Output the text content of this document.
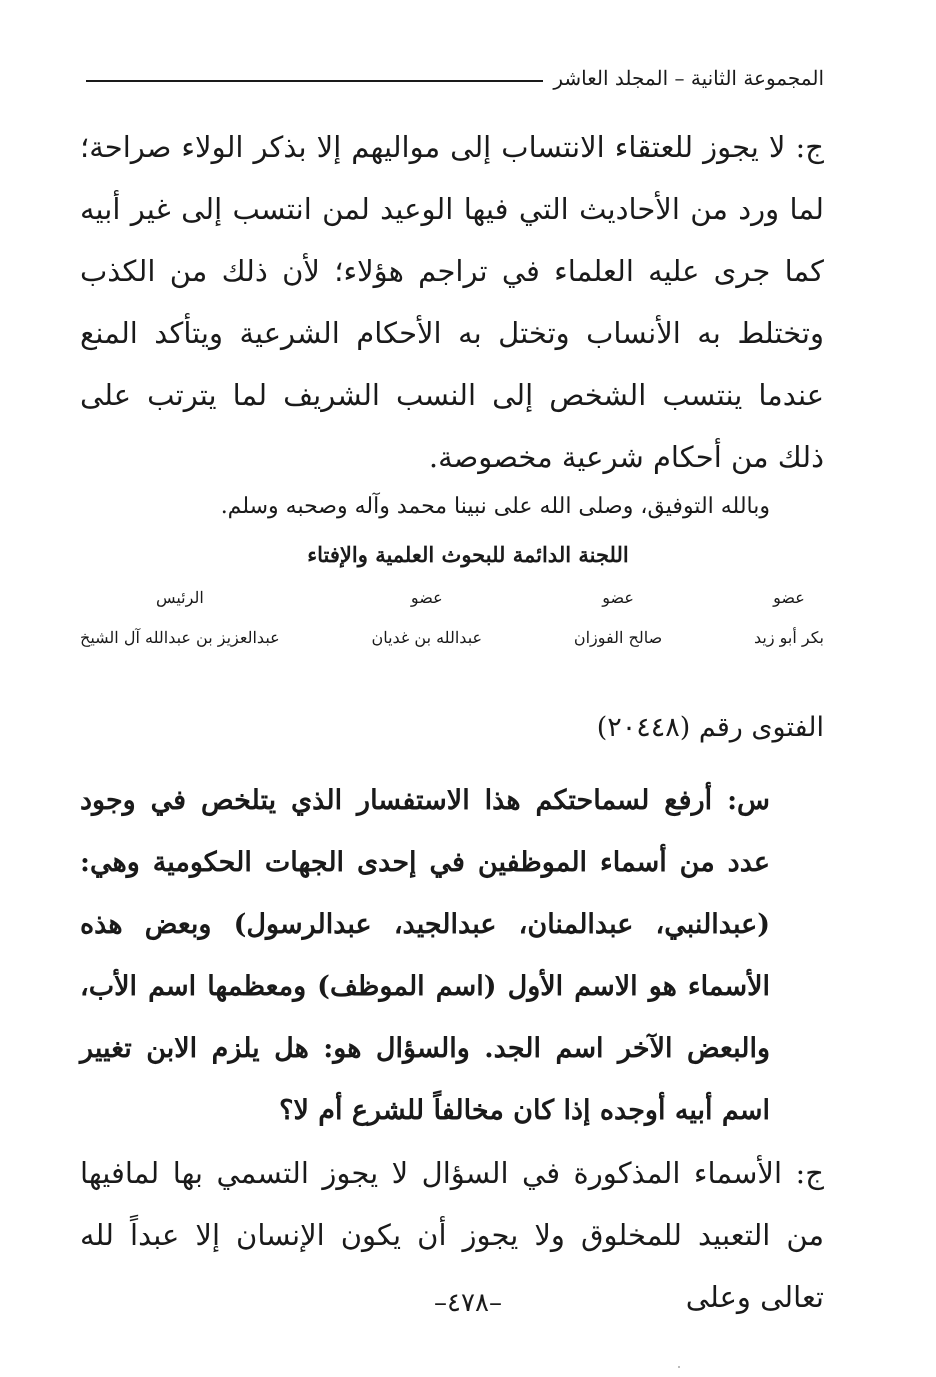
المجموعة الثانية – المجلد العاشر

ج: لا يجوز للعتقاء الانتساب إلى مواليهم إلا بذكر الولاء صراحة؛ لما ورد من الأحاديث التي فيها الوعيد لمن انتسب إلى غير أبيه كما جرى عليه العلماء في تراجم هؤلاء؛ لأن ذلك من الكذب وتختلط به الأنساب وتختل به الأحكام الشرعية ويتأكد المنع عندما ينتسب الشخص إلى النسب الشريف لما يترتب على ذلك من أحكام شرعية مخصوصة.

وبالله التوفيق، وصلى الله على نبينا محمد وآله وصحبه وسلم.

اللجنة الدائمة للبحوث العلمية والإفتاء

عضو
بكر أبو زيد
عضو
صالح الفوزان
عضو
عبدالله بن غديان
الرئيس
عبدالعزيز بن عبدالله آل الشيخ

الفتوى رقم (٢٠٤٤٨)

س: أرفع لسماحتكم هذا الاستفسار الذي يتلخص في وجود عدد من أسماء الموظفين في إحدى الجهات الحكومية وهي: (عبدالنبي، عبدالمنان، عبدالجيد، عبدالرسول) وبعض هذه الأسماء هو الاسم الأول (اسم الموظف) ومعظمها اسم الأب، والبعض الآخر اسم الجد. والسؤال هو: هل يلزم الابن تغيير اسم أبيه أوجده إذا كان مخالفاً للشرع أم لا؟

ج: الأسماء المذكورة في السؤال لا يجوز التسمي بها لمافيها من التعبيد للمخلوق ولا يجوز أن يكون الإنسان إلا عبداً لله تعالى وعلى

–٤٧٨–
